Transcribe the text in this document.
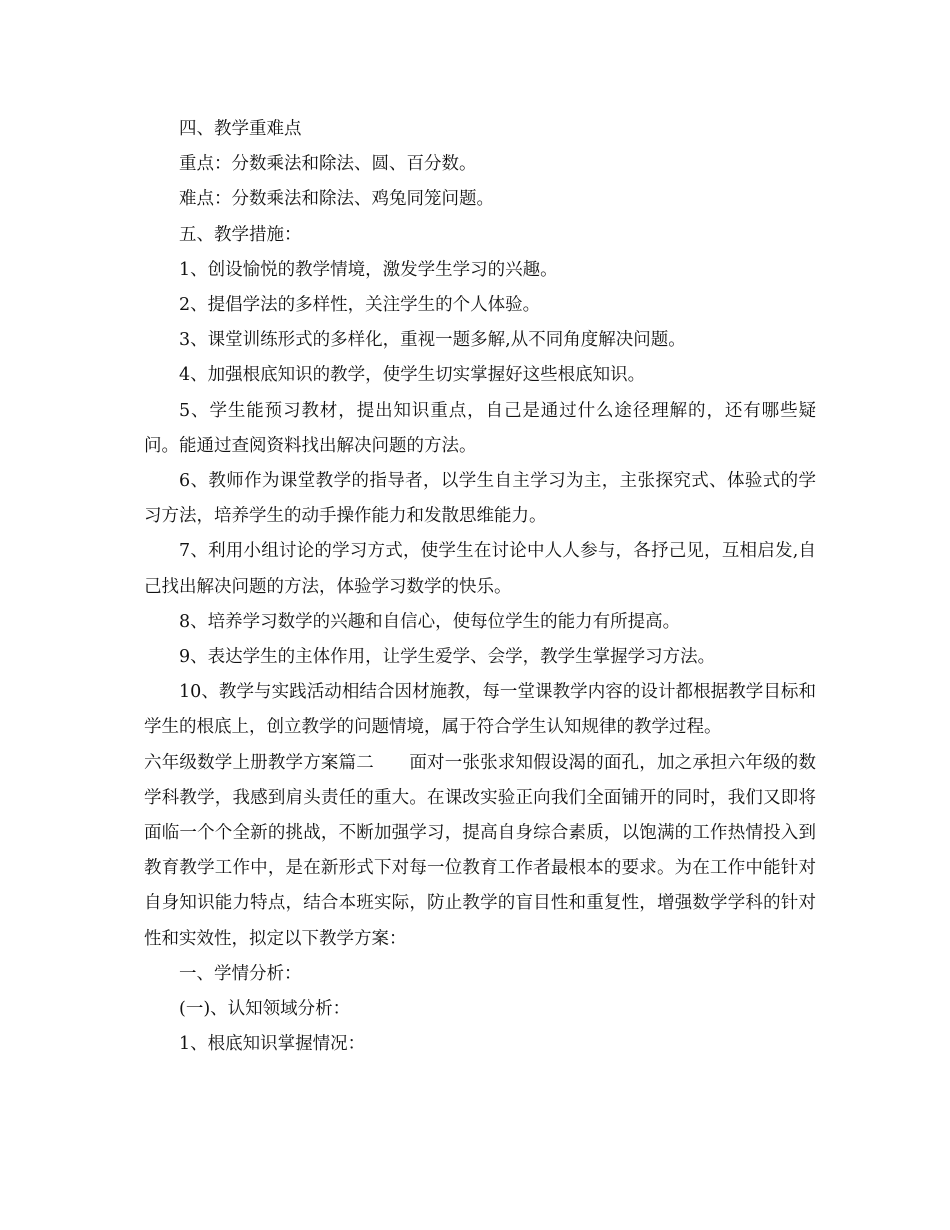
四、教学重难点

重点：分数乘法和除法、圆、百分数。

难点：分数乘法和除法、鸡兔同笼问题。

五、教学措施：

1、创设愉悦的教学情境，激发学生学习的兴趣。

2、提倡学法的多样性，关注学生的个人体验。

3、课堂训练形式的多样化，重视一题多解,从不同角度解决问题。

4、加强根底知识的教学，使学生切实掌握好这些根底知识。

5、学生能预习教材，提出知识重点，自己是通过什么途径理解的，还有哪些疑问。能通过查阅资料找出解决问题的方法。

6、教师作为课堂教学的指导者，以学生自主学习为主，主张探究式、体验式的学习方法，培养学生的动手操作能力和发散思维能力。

7、利用小组讨论的学习方式，使学生在讨论中人人参与，各抒己见，互相启发,自己找出解决问题的方法，体验学习数学的快乐。

8、培养学习数学的兴趣和自信心，使每位学生的能力有所提高。

9、表达学生的主体作用，让学生爱学、会学，教学生掌握学习方法。

10、教学与实践活动相结合因材施教，每一堂课教学内容的设计都根据教学目标和学生的根底上，创立教学的问题情境，属于符合学生认知规律的教学过程。

六年级数学上册教学方案篇二　　面对一张张求知假设渴的面孔，加之承担六年级的数学科教学，我感到肩头责任的重大。在课改实验正向我们全面铺开的同时，我们又即将面临一个个全新的挑战，不断加强学习，提高自身综合素质，以饱满的工作热情投入到教育教学工作中，是在新形式下对每一位教育工作者最根本的要求。为在工作中能针对自身知识能力特点，结合本班实际，防止教学的盲目性和重复性，增强数学学科的针对性和实效性，拟定以下教学方案：

一、学情分析：

(一)、认知领域分析：

1、根底知识掌握情况：
